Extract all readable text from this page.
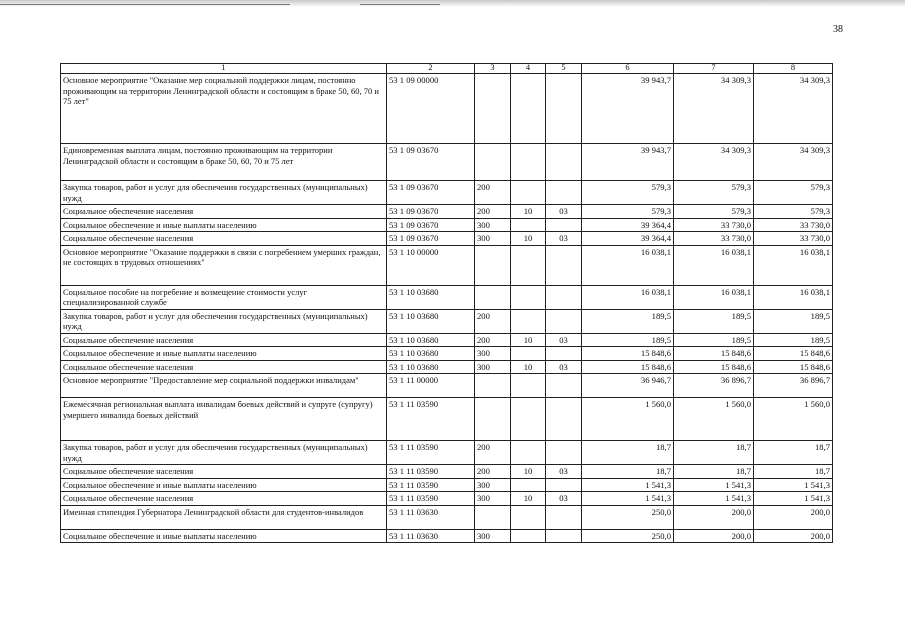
38
1	2	3	4	5	6	7	8
Основное мероприятие "Оказание мер социальной поддержки лицам, постоянно проживающим на территории Ленинградской области и состоящим в браке 50, 60, 70 и 75 лет"	53 1 09 00000				39 943,7	34 309,3	34 309,3
Единовременная выплата лицам, постоянно проживающим на территории Ленинградской области и состоящим в браке 50, 60, 70 и 75 лет	53 1 09 03670				39 943,7	34 309,3	34 309,3
Закупка товаров, работ и услуг для обеспечения государственных (муниципальных) нужд	53 1 09 03670	200			579,3	579,3	579,3
Социальное обеспечение населения	53 1 09 03670	200	10	03	579,3	579,3	579,3
Социальное обеспечение и иные выплаты населению	53 1 09 03670	300			39 364,4	33 730,0	33 730,0
Социальное обеспечение населения	53 1 09 03670	300	10	03	39 364,4	33 730,0	33 730,0
Основное мероприятие "Оказание поддержки в связи с погребением умерших граждан, не состоящих в трудовых отношениях"	53 1 10 00000				16 038,1	16 038,1	16 038,1
Социальное пособие на погребение и возмещение стоимости услуг специализированной службе	53 1 10 03680				16 038,1	16 038,1	16 038,1
Закупка товаров, работ и услуг для обеспечения государственных (муниципальных) нужд	53 1 10 03680	200			189,5	189,5	189,5
Социальное обеспечение населения	53 1 10 03680	200	10	03	189,5	189,5	189,5
Социальное обеспечение и иные выплаты населению	53 1 10 03680	300			15 848,6	15 848,6	15 848,6
Социальное обеспечение населения	53 1 10 03680	300	10	03	15 848,6	15 848,6	15 848,6
Основное мероприятие "Предоставление мер социальной поддержки инвалидам"	53 1 11 00000				36 946,7	36 896,7	36 896,7
Ежемесячная региональная выплата инвалидам боевых действий и супруге (супругу) умершего инвалида боевых действий	53 1 11 03590				1 560,0	1 560,0	1 560,0
Закупка товаров, работ и услуг для обеспечения государственных (муниципальных) нужд	53 1 11 03590	200			18,7	18,7	18,7
Социальное обеспечение населения	53 1 11 03590	200	10	03	18,7	18,7	18,7
Социальное обеспечение и иные выплаты населению	53 1 11 03590	300			1 541,3	1 541,3	1 541,3
Социальное обеспечение населения	53 1 11 03590	300	10	03	1 541,3	1 541,3	1 541,3
Именная стипендия Губернатора Ленинградской области для студентов-инвалидов	53 1 11 03630				250,0	200,0	200,0
Социальное обеспечение и иные выплаты населению	53 1 11 03630	300			250,0	200,0	200,0
